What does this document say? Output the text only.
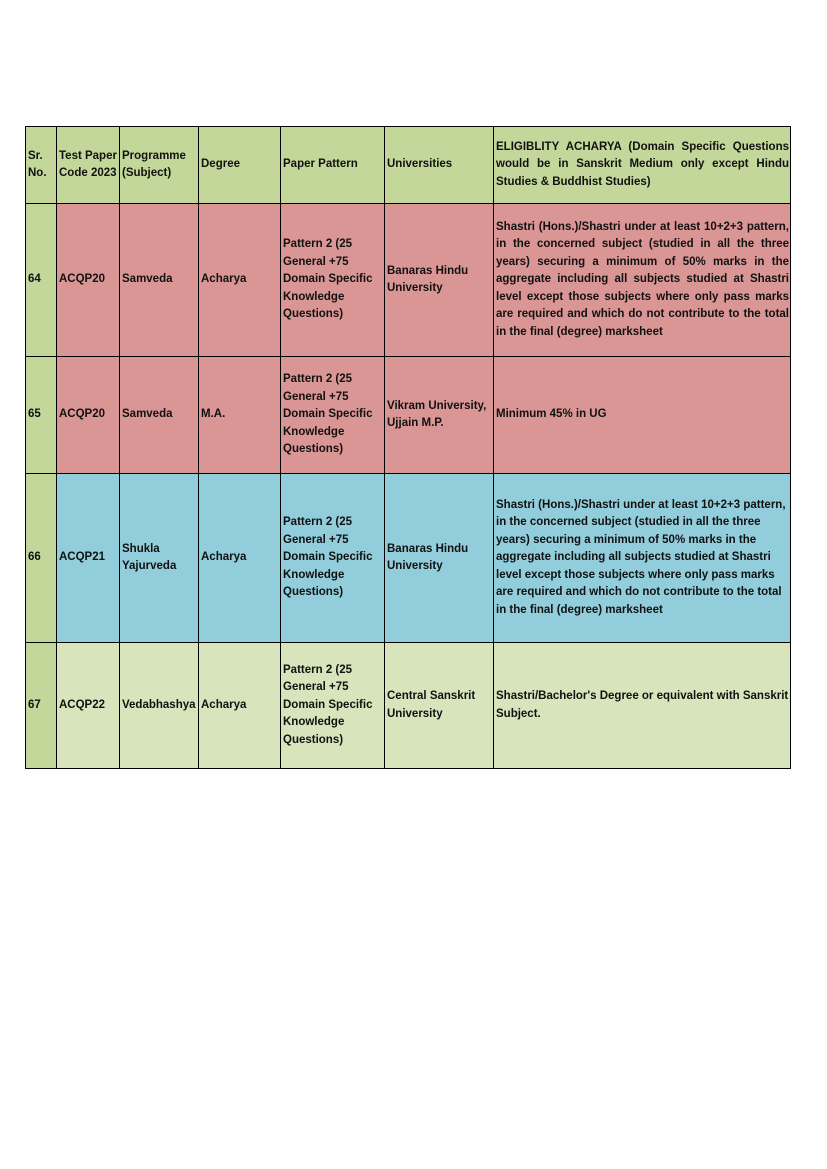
Sr. No.	Test Paper Code 2023	Programme (Subject)	Degree	Paper Pattern	Universities	ELIGIBLITY ACHARYA (Domain Specific Questions would be in Sanskrit Medium only except Hindu Studies & Buddhist Studies)
64	ACQP20	Samveda	Acharya	Pattern 2 (25 General +75 Domain Specific Knowledge Questions)	Banaras Hindu University	Shastri (Hons.)/Shastri under at least 10+2+3 pattern, in the concerned subject (studied in all the three years) securing a minimum of 50% marks in the aggregate including all subjects studied at Shastri level except those subjects where only pass marks are required and which do not contribute to the total in the final (degree) marksheet
65	ACQP20	Samveda	M.A.	Pattern 2 (25 General +75 Domain Specific Knowledge Questions)	Vikram University, Ujjain M.P.	Minimum 45% in UG
66	ACQP21	Shukla Yajurveda	Acharya	Pattern 2 (25 General +75 Domain Specific Knowledge Questions)	Banaras Hindu University	Shastri (Hons.)/Shastri under at least 10+2+3 pattern, in the concerned subject (studied in all the three years) securing a minimum of 50% marks in the aggregate including all subjects studied at Shastri level except those subjects where only pass marks are required and which do not contribute to the total in the final (degree) marksheet
67	ACQP22	Vedabhashya	Acharya	Pattern 2 (25 General +75 Domain Specific Knowledge Questions)	Central Sanskrit University	Shastri/Bachelor's Degree or equivalent with Sanskrit Subject.
